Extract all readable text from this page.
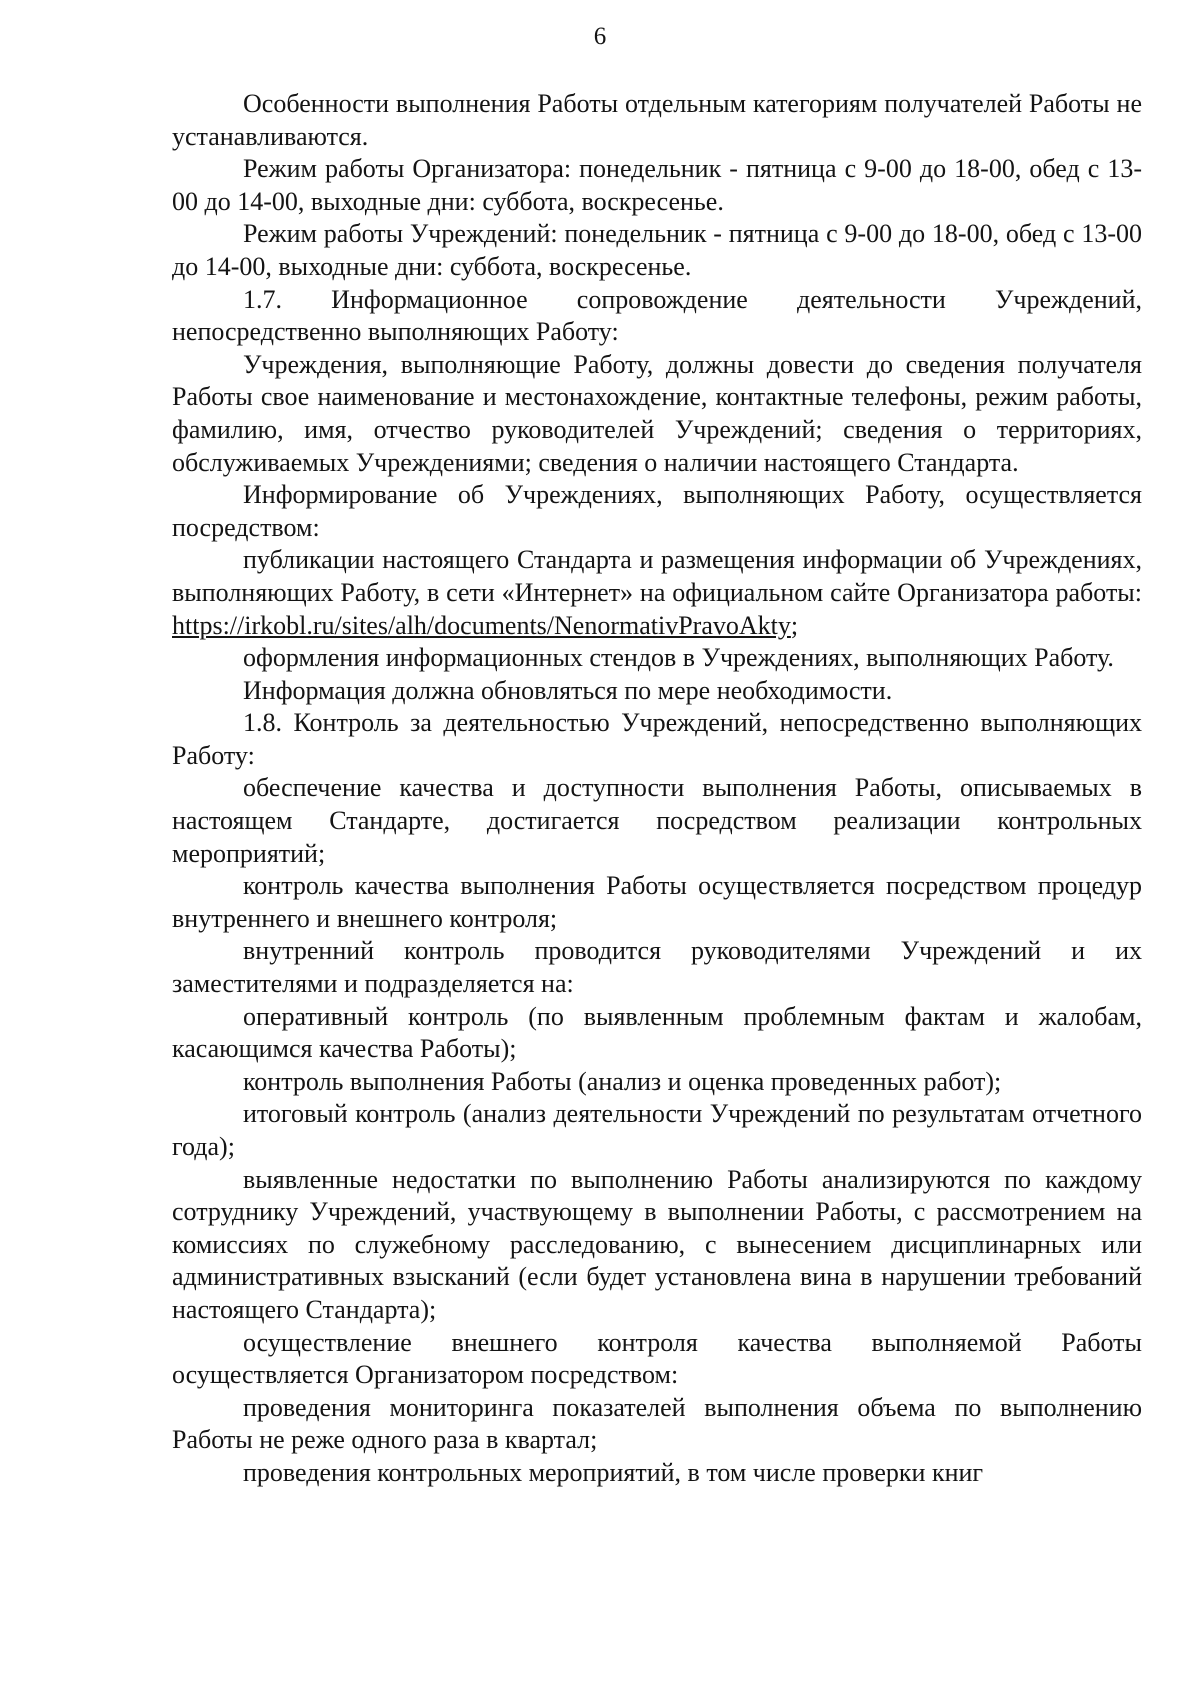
6

Особенности выполнения Работы отдельным категориям получателей Работы не устанавливаются.

Режим работы Организатора: понедельник - пятница с 9-00 до 18-00, обед с 13-00 до 14-00, выходные дни: суббота, воскресенье.

Режим работы Учреждений: понедельник - пятница с 9-00 до 18-00, обед с 13-00 до 14-00, выходные дни: суббота, воскресенье.

1.7. Информационное сопровождение деятельности Учреждений, непосредственно выполняющих Работу:

Учреждения, выполняющие Работу, должны довести до сведения получателя Работы свое наименование и местонахождение, контактные телефоны, режим работы, фамилию, имя, отчество руководителей Учреждений; сведения о территориях, обслуживаемых Учреждениями; сведения о наличии настоящего Стандарта.

Информирование об Учреждениях, выполняющих Работу, осуществляется посредством:

публикации настоящего Стандарта и размещения информации об Учреждениях, выполняющих Работу, в сети «Интернет» на официальном сайте Организатора работы: https://irkobl.ru/sites/alh/documents/NenormativPravoAkty;

оформления информационных стендов в Учреждениях, выполняющих Работу.

Информация должна обновляться по мере необходимости.

1.8. Контроль за деятельностью Учреждений, непосредственно выполняющих Работу:

обеспечение качества и доступности выполнения Работы, описываемых в настоящем Стандарте, достигается посредством реализации контрольных мероприятий;

контроль качества выполнения Работы осуществляется посредством процедур внутреннего и внешнего контроля;

внутренний контроль проводится руководителями Учреждений и их заместителями и подразделяется на:

оперативный контроль (по выявленным проблемным фактам и жалобам, касающимся качества Работы);

контроль выполнения Работы (анализ и оценка проведенных работ);

итоговый контроль (анализ деятельности Учреждений по результатам отчетного года);

выявленные недостатки по выполнению Работы анализируются по каждому сотруднику Учреждений, участвующему в выполнении Работы, с рассмотрением на комиссиях по служебному расследованию, с вынесением дисциплинарных или административных взысканий (если будет установлена вина в нарушении требований настоящего Стандарта);

осуществление внешнего контроля качества выполняемой Работы осуществляется Организатором посредством:

проведения мониторинга показателей выполнения объема по выполнению Работы не реже одного раза в квартал;

проведения контрольных мероприятий, в том числе проверки книг
